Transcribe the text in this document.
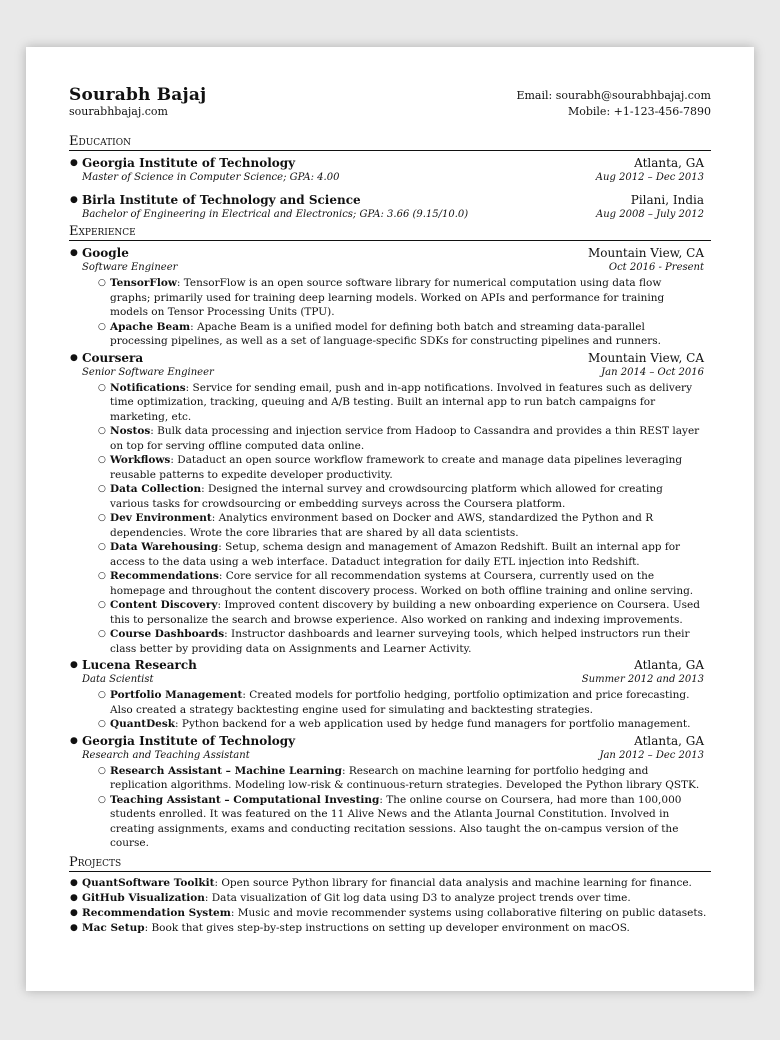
Sourabh Bajaj
sourabhbajaj.com
Email: sourabh@sourabhbajaj.com
Mobile: +1-123-456-7890
Education
● Georgia Institute of Technology	Atlanta, GA
Master of Science in Computer Science; GPA: 4.00	Aug 2012 – Dec 2013
● Birla Institute of Technology and Science	Pilani, India
Bachelor of Engineering in Electrical and Electronics; GPA: 3.66 (9.15/10.0)	Aug 2008 – July 2012
Experience
● Google	Mountain View, CA
Software Engineer	Oct 2016 - Present
○ TensorFlow: TensorFlow is an open source software library for numerical computation using data flow graphs; primarily used for training deep learning models. Worked on APIs and performance for training models on Tensor Processing Units (TPU).
○ Apache Beam: Apache Beam is a unified model for defining both batch and streaming data-parallel processing pipelines, as well as a set of language-specific SDKs for constructing pipelines and runners.
● Coursera	Mountain View, CA
Senior Software Engineer	Jan 2014 – Oct 2016
○ Notifications: Service for sending email, push and in-app notifications. Involved in features such as delivery time optimization, tracking, queuing and A/B testing. Built an internal app to run batch campaigns for marketing, etc.
○ Nostos: Bulk data processing and injection service from Hadoop to Cassandra and provides a thin REST layer on top for serving offline computed data online.
○ Workflows: Dataduct an open source workflow framework to create and manage data pipelines leveraging reusable patterns to expedite developer productivity.
○ Data Collection: Designed the internal survey and crowdsourcing platform which allowed for creating various tasks for crowdsourcing or embedding surveys across the Coursera platform.
○ Dev Environment: Analytics environment based on Docker and AWS, standardized the Python and R dependencies. Wrote the core libraries that are shared by all data scientists.
○ Data Warehousing: Setup, schema design and management of Amazon Redshift. Built an internal app for access to the data using a web interface. Dataduct integration for daily ETL injection into Redshift.
○ Recommendations: Core service for all recommendation systems at Coursera, currently used on the homepage and throughout the content discovery process. Worked on both offline training and online serving.
○ Content Discovery: Improved content discovery by building a new onboarding experience on Coursera. Used this to personalize the search and browse experience. Also worked on ranking and indexing improvements.
○ Course Dashboards: Instructor dashboards and learner surveying tools, which helped instructors run their class better by providing data on Assignments and Learner Activity.
● Lucena Research	Atlanta, GA
Data Scientist	Summer 2012 and 2013
○ Portfolio Management: Created models for portfolio hedging, portfolio optimization and price forecasting. Also created a strategy backtesting engine used for simulating and backtesting strategies.
○ QuantDesk: Python backend for a web application used by hedge fund managers for portfolio management.
● Georgia Institute of Technology	Atlanta, GA
Research and Teaching Assistant	Jan 2012 – Dec 2013
○ Research Assistant – Machine Learning: Research on machine learning for portfolio hedging and replication algorithms. Modeling low-risk & continuous-return strategies. Developed the Python library QSTK.
○ Teaching Assistant – Computational Investing: The online course on Coursera, had more than 100,000 students enrolled. It was featured on the 11 Alive News and the Atlanta Journal Constitution. Involved in creating assignments, exams and conducting recitation sessions. Also taught the on-campus version of the course.
Projects
● QuantSoftware Toolkit: Open source Python library for financial data analysis and machine learning for finance.
● GitHub Visualization: Data visualization of Git log data using D3 to analyze project trends over time.
● Recommendation System: Music and movie recommender systems using collaborative filtering on public datasets.
● Mac Setup: Book that gives step-by-step instructions on setting up developer environment on macOS.
